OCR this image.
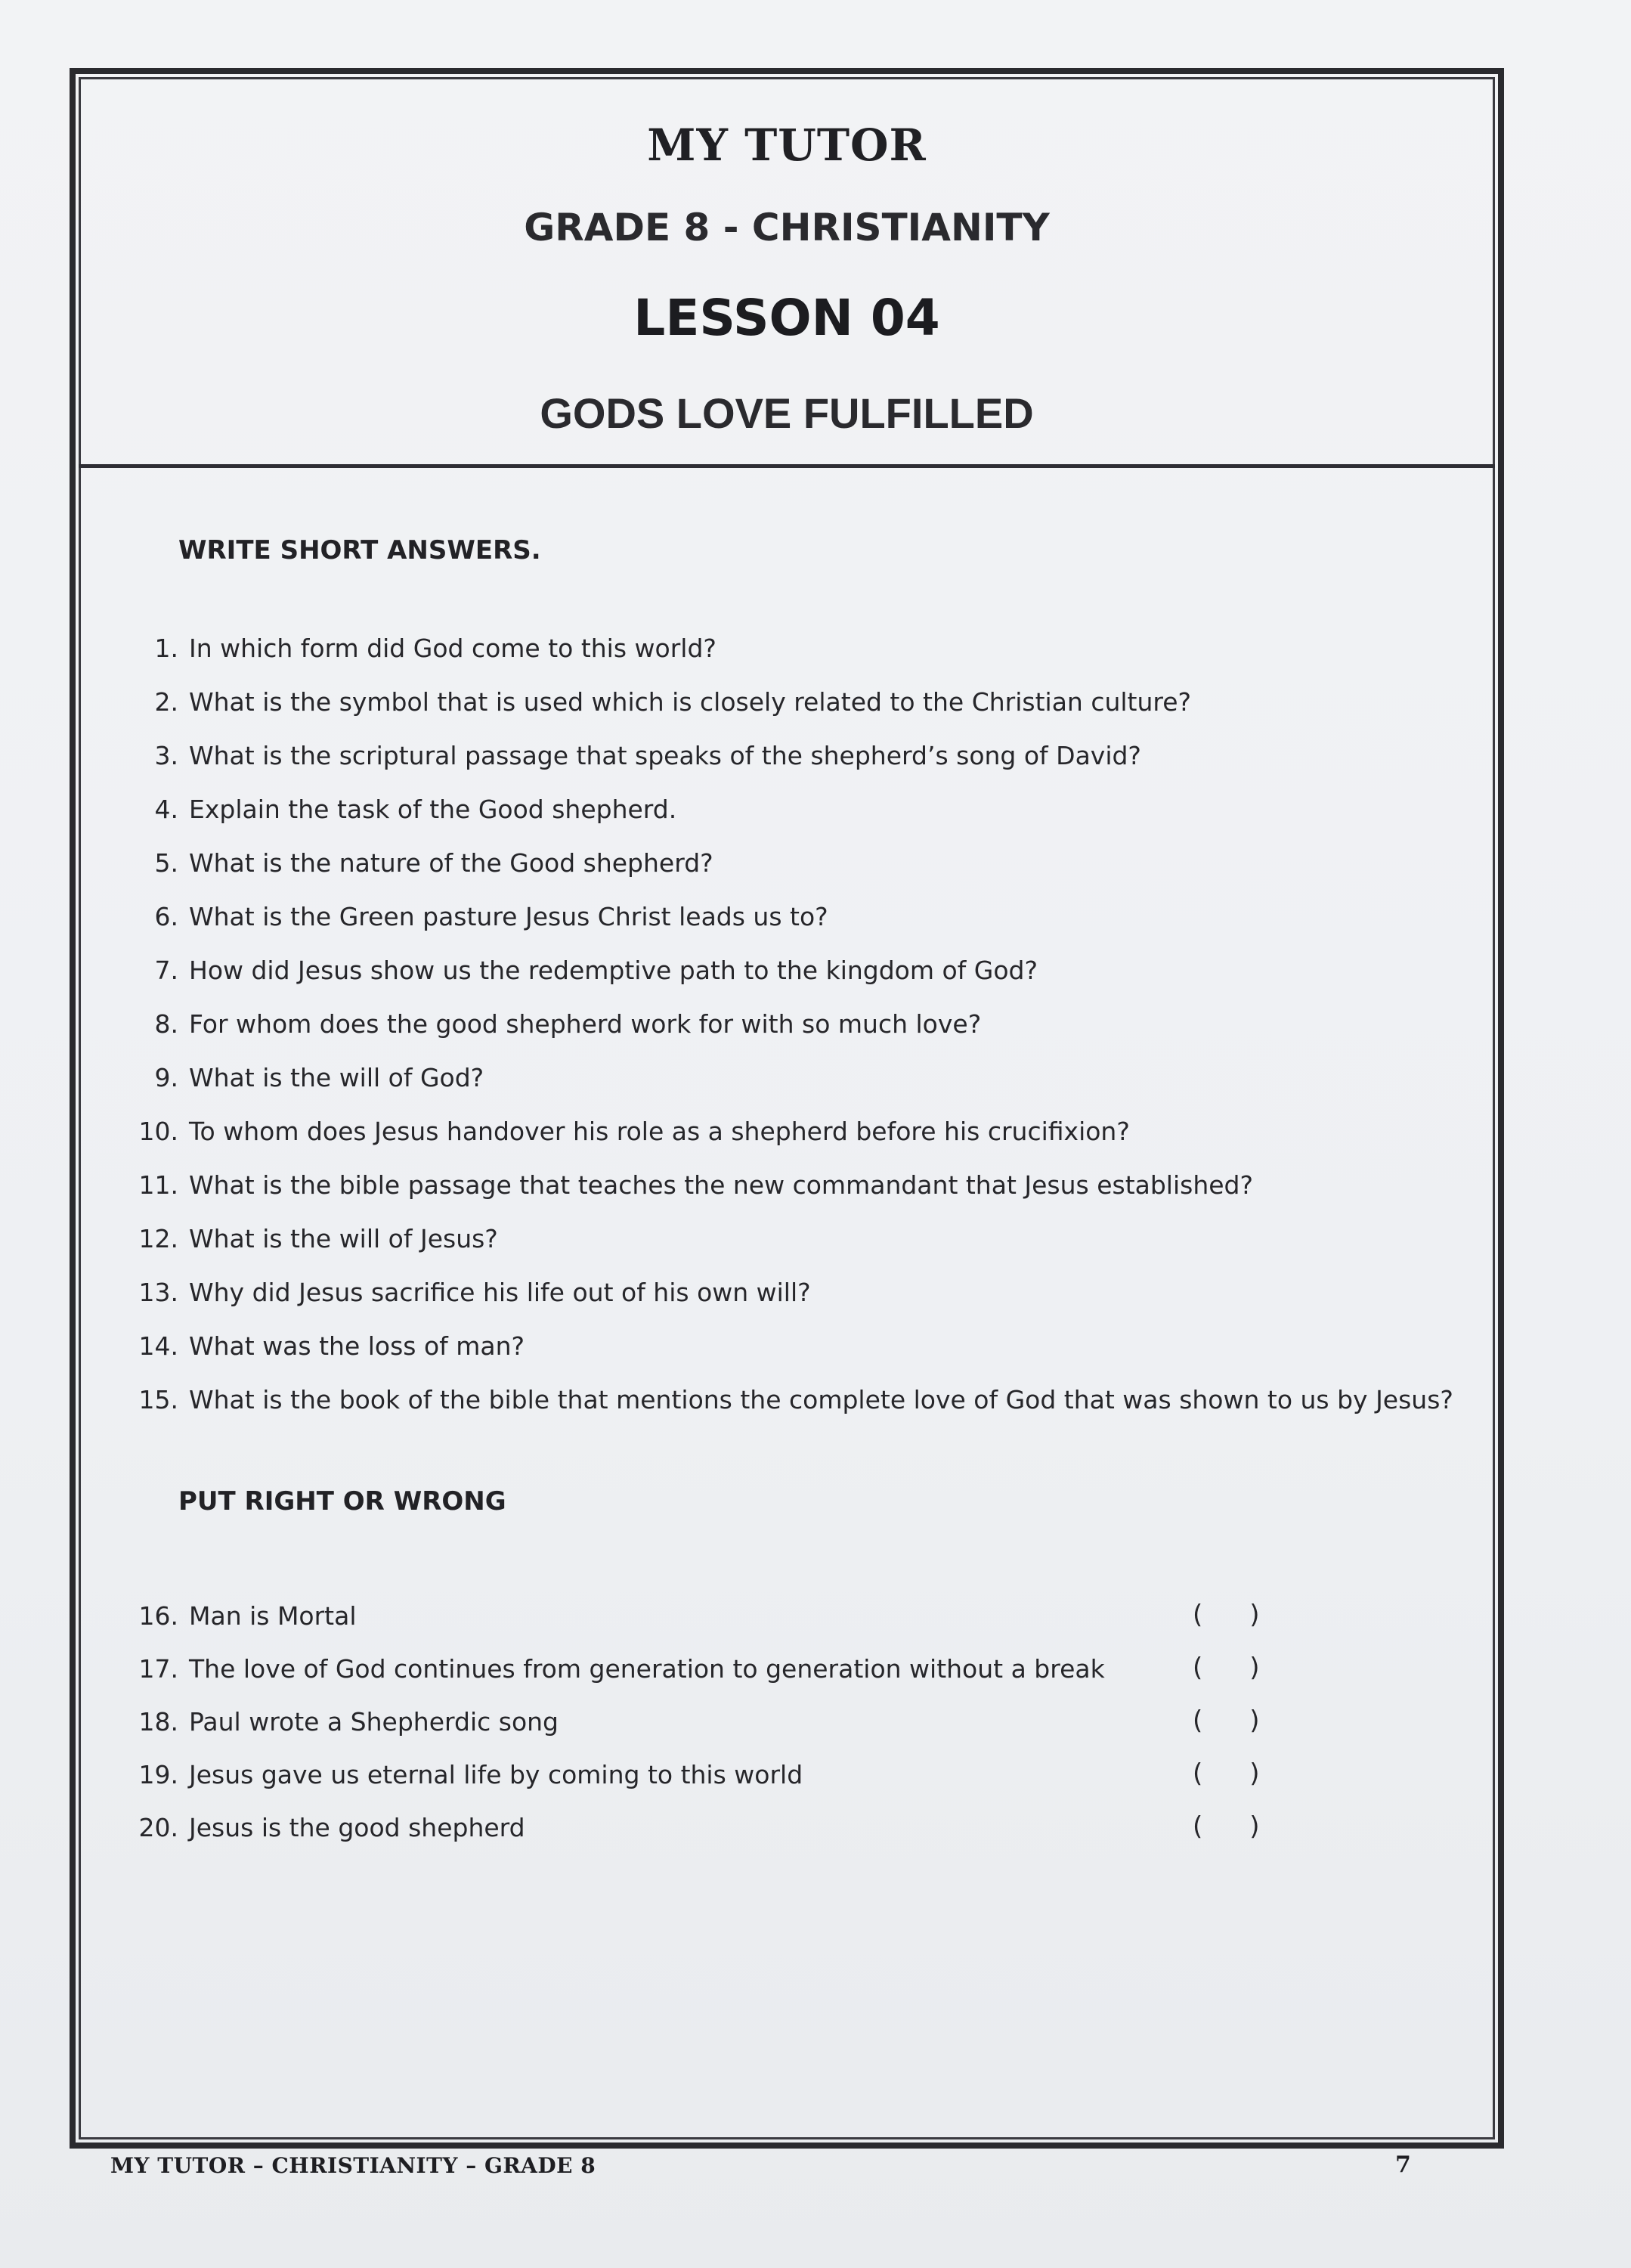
MY TUTOR
GRADE 8 - CHRISTIANITY
LESSON 04
GODS LOVE FULFILLED

WRITE SHORT ANSWERS.

1. In which form did God come to this world?
2. What is the symbol that is used which is closely related to the Christian culture?
3. What is the scriptural passage that speaks of the shepherd’s song of David?
4. Explain the task of the Good shepherd.
5. What is the nature of the Good shepherd?
6. What is the Green pasture Jesus Christ leads us to?
7. How did Jesus show us the redemptive path to the kingdom of God?
8. For whom does the good shepherd work for with so much love?
9. What is the will of God?
10. To whom does Jesus handover his role as a shepherd before his crucifixion?
11. What is the bible passage that teaches the new commandant that Jesus established?
12. What is the will of Jesus?
13. Why did Jesus sacrifice his life out of his own will?
14. What was the loss of man?
15. What is the book of the bible that mentions the complete love of God that was shown to us by Jesus?

PUT RIGHT OR WRONG

16. Man is Mortal	( )
17. The love of God continues from generation to generation without a break	( )
18. Paul wrote a Shepherdic song	( )
19. Jesus gave us eternal life by coming to this world	( )
20. Jesus is the good shepherd	( )

MY TUTOR – CHRISTIANITY – GRADE 8	7
